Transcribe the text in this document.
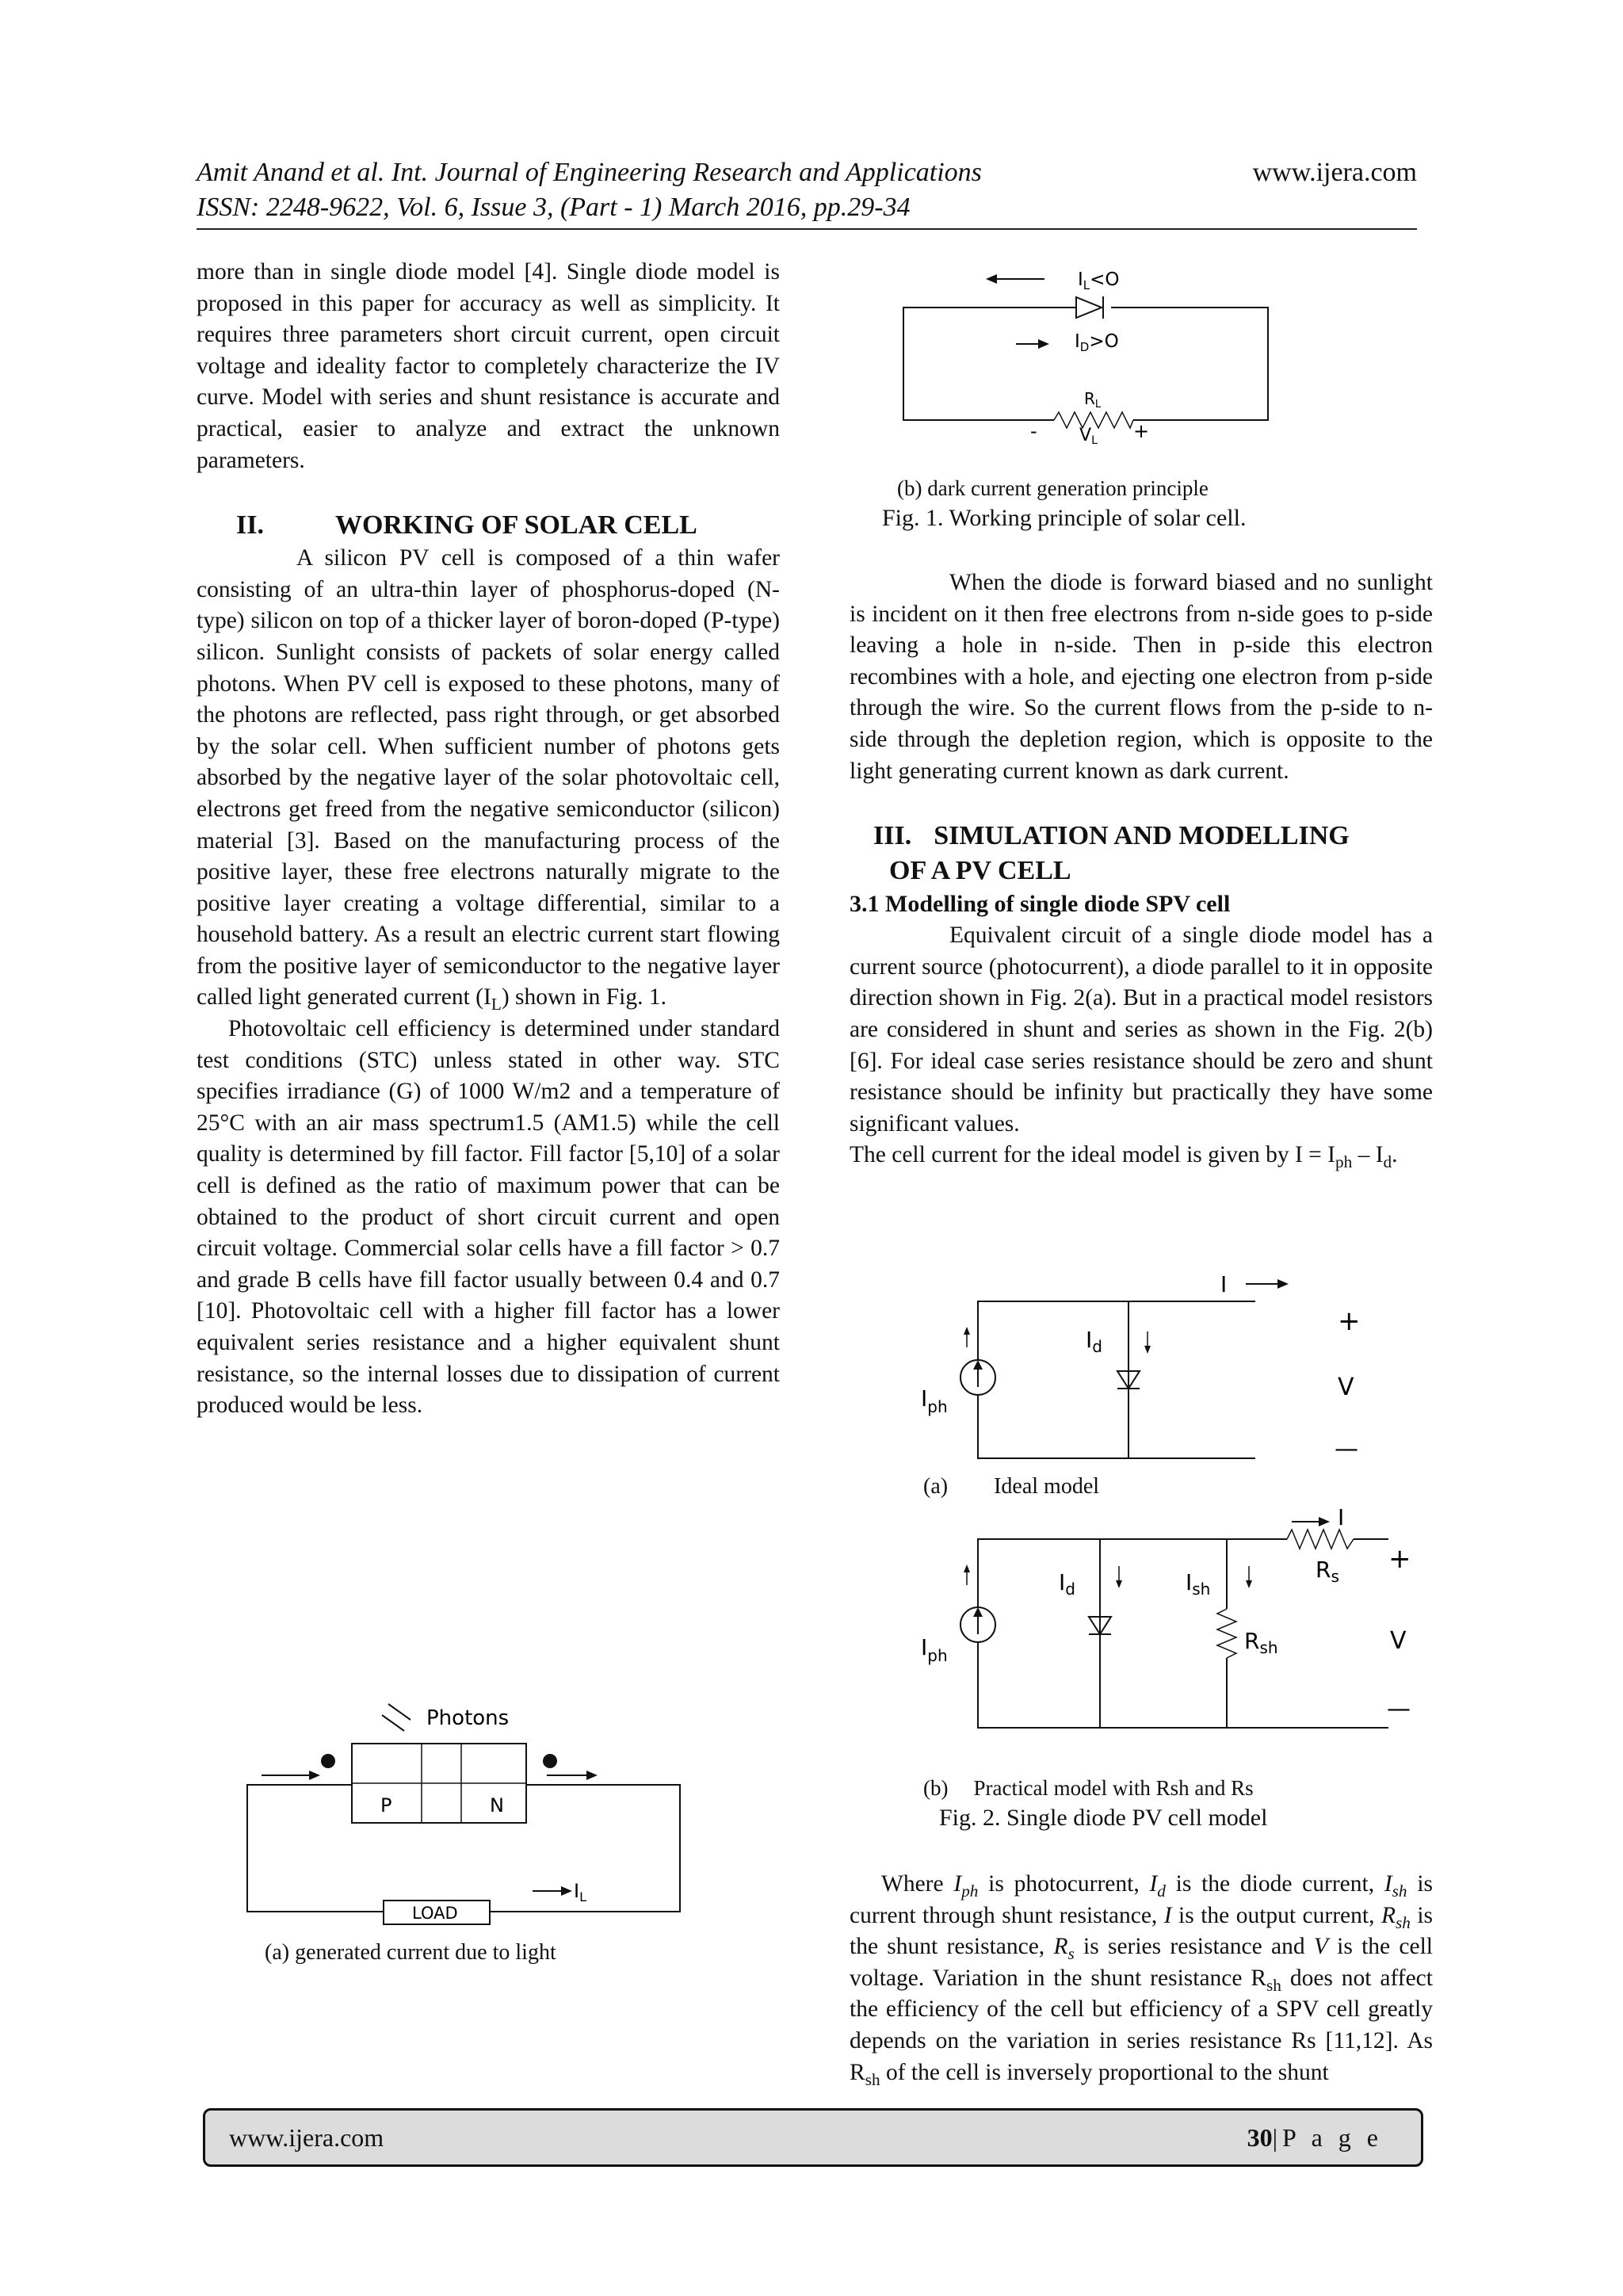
Amit Anand et al. Int. Journal of Engineering Research and Applications
ISSN: 2248-9622, Vol. 6, Issue 3, (Part - 1) March 2016, pp.29-34
www.ijera.com

more than in single diode model [4]. Single diode model is proposed in this paper for accuracy as well as simplicity. It requires three parameters short circuit current, open circuit voltage and ideality factor to completely characterize the IV curve. Model with series and shunt resistance is accurate and practical, easier to analyze and extract the unknown parameters.

II.	WORKING OF SOLAR CELL

A silicon PV cell is composed of a thin wafer consisting of an ultra-thin layer of phosphorus-doped (N-type) silicon on top of a thicker layer of boron-doped (P-type) silicon. Sunlight consists of packets of solar energy called photons. When PV cell is exposed to these photons, many of the photons are reflected, pass right through, or get absorbed by the solar cell. When sufficient number of photons gets absorbed by the negative layer of the solar photovoltaic cell, electrons get freed from the negative semiconductor (silicon) material [3]. Based on the manufacturing process of the positive layer, these free electrons naturally migrate to the positive layer creating a voltage differential, similar to a household battery. As a result an electric current start flowing from the positive layer of semiconductor to the negative layer called light generated current $(I_L)$ shown in Fig. 1.

Photovoltaic cell efficiency is determined under standard test conditions (STC) unless stated in other way. STC specifies irradiance (G) of 1000 W/m2 and a temperature of 25°C with an air mass spectrum1.5 (AM1.5) while the cell quality is determined by fill factor. Fill factor [5,10] of a solar cell is defined as the ratio of maximum power that can be obtained to the product of short circuit current and open circuit voltage. Commercial solar cells have a fill factor > 0.7 and grade B cells have fill factor usually between 0.4 and 0.7 [10]. Photovoltaic cell with a higher fill factor has a lower equivalent series resistance and a higher equivalent shunt resistance, so the internal losses due to dissipation of current produced would be less.

Photons
P	N
LOAD
$I_L$
(a) generated current due to light
$I_L<O$
$I_D>O$
$R_L$
- VL +
(b) dark current generation principle
Fig. 1. Working principle of solar cell.

When the diode is forward biased and no sunlight is incident on it then free electrons from n-side goes to p-side leaving a hole in n-side. Then in p-side this electron recombines with a hole, and ejecting one electron from p-side through the wire. So the current flows from the p-side to n-side through the depletion region, which is opposite to the light generating current known as dark current.

III. SIMULATION AND MODELLING

OF A PV CELL

3.1 Modelling of single diode SPV cell

Equivalent circuit of a single diode model has a current source (photocurrent), a diode parallel to it in opposite direction shown in Fig. 2(a). But in a practical model resistors are considered in shunt and series as shown in the Fig. 2(b) [6]. For ideal case series resistance should be zero and shunt resistance should be infinity but practically they have some significant values.

The cell current for the ideal model is given by $I = I_{ph} - I_d$.

I
$I_d$
$I_{ph}$
+
V
—
(a) Ideal model
I
$I_d$	$I_{sh}$
$R_{sh}$
$R_s$
$I_{ph}$
+
V
—
(b) Practical model with Rsh and Rs
Fig. 2. Single diode PV cell model

Where $I_{ph}$ is photocurrent, $I_d$ is the diode current, $I_{sh}$ is current through shunt resistance, I is the output current, $R_{sh}$ is the shunt resistance, $R_s$ is series resistance and V is the cell voltage. Variation in the shunt resistance $R_{sh}$ does not affect the efficiency of the cell but efficiency of a SPV cell greatly depends on the variation in series resistance Rs [11,12]. As $R_{sh}$ of the cell is inversely proportional to the shunt

www.ijera.com	30|P a g e
